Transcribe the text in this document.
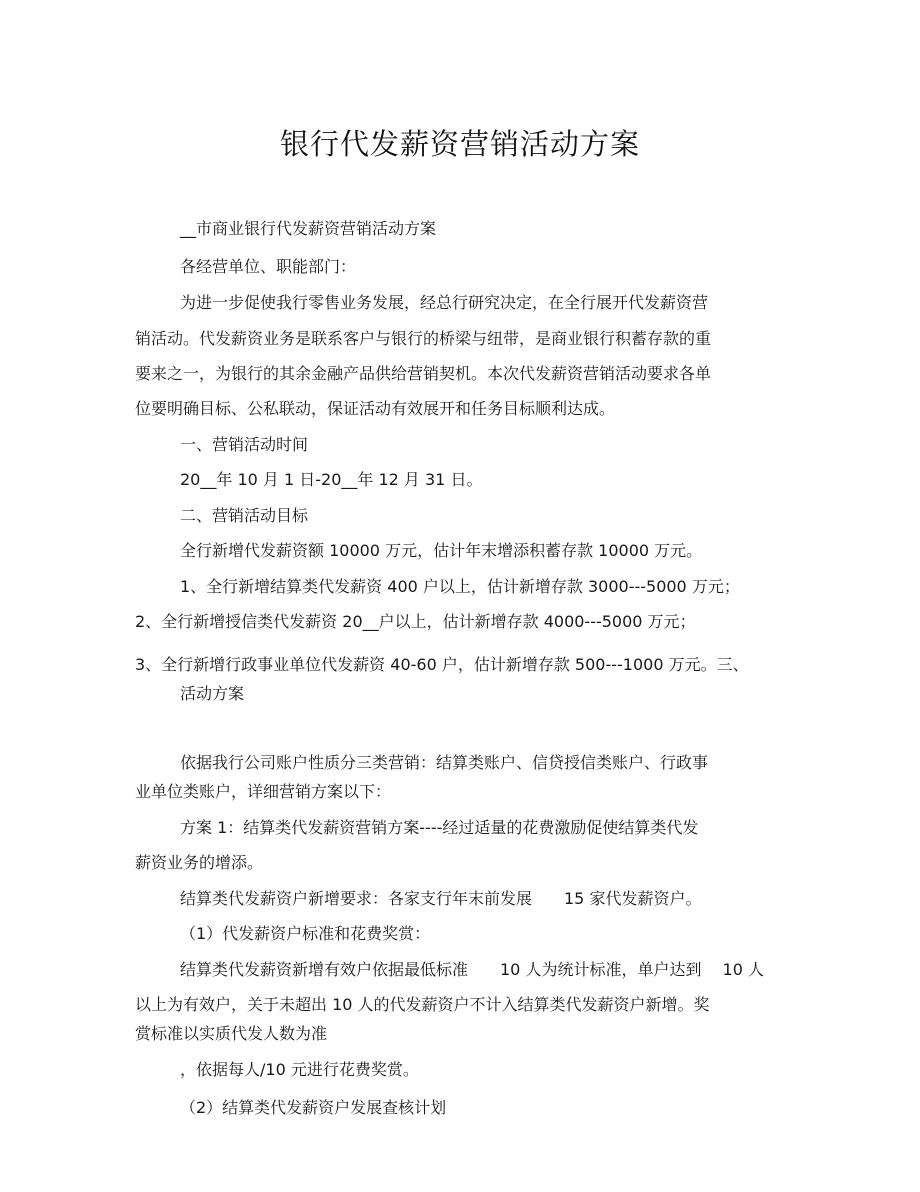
银行代发薪资营销活动方案
__市商业银行代发薪资营销活动方案
各经营单位、职能部门：
为进一步促使我行零售业务发展，经总行研究决定，在全行展开代发薪资营
销活动。代发薪资业务是联系客户与银行的桥梁与纽带，是商业银行积蓄存款的重
要来之一，为银行的其余金融产品供给营销契机。本次代发薪资营销活动要求各单
位要明确目标、公私联动，保证活动有效展开和任务目标顺利达成。
一、营销活动时间
20__年 10 月 1 日-20__年 12 月 31 日。
二、营销活动目标
全行新增代发薪资额 10000 万元，估计年末增添积蓄存款 10000 万元。
1、全行新增结算类代发薪资 400 户以上，估计新增存款 3000---5000 万元；
2、全行新增授信类代发薪资 20__户以上，估计新增存款 4000---5000 万元；
3、全行新增行政事业单位代发薪资 40-60 户，估计新增存款 500---1000 万元。三、
活动方案
依据我行公司账户性质分三类营销：结算类账户、信贷授信类账户、行政事
业单位类账户，详细营销方案以下：
方案 1：结算类代发薪资营销方案----经过适量的花费激励促使结算类代发
薪资业务的增添。
结算类代发薪资户新增要求：各家支行年末前发展　　15 家代发薪资户。
（1）代发薪资户标准和花费奖赏：
结算类代发薪资新增有效户依据最低标准　　10 人为统计标准，单户达到　 10 人
以上为有效户，关于未超出 10 人的代发薪资户不计入结算类代发薪资户新增。奖
赏标准以实质代发人数为准
，依据每人/10 元进行花费奖赏。
（2）结算类代发薪资户发展查核计划
